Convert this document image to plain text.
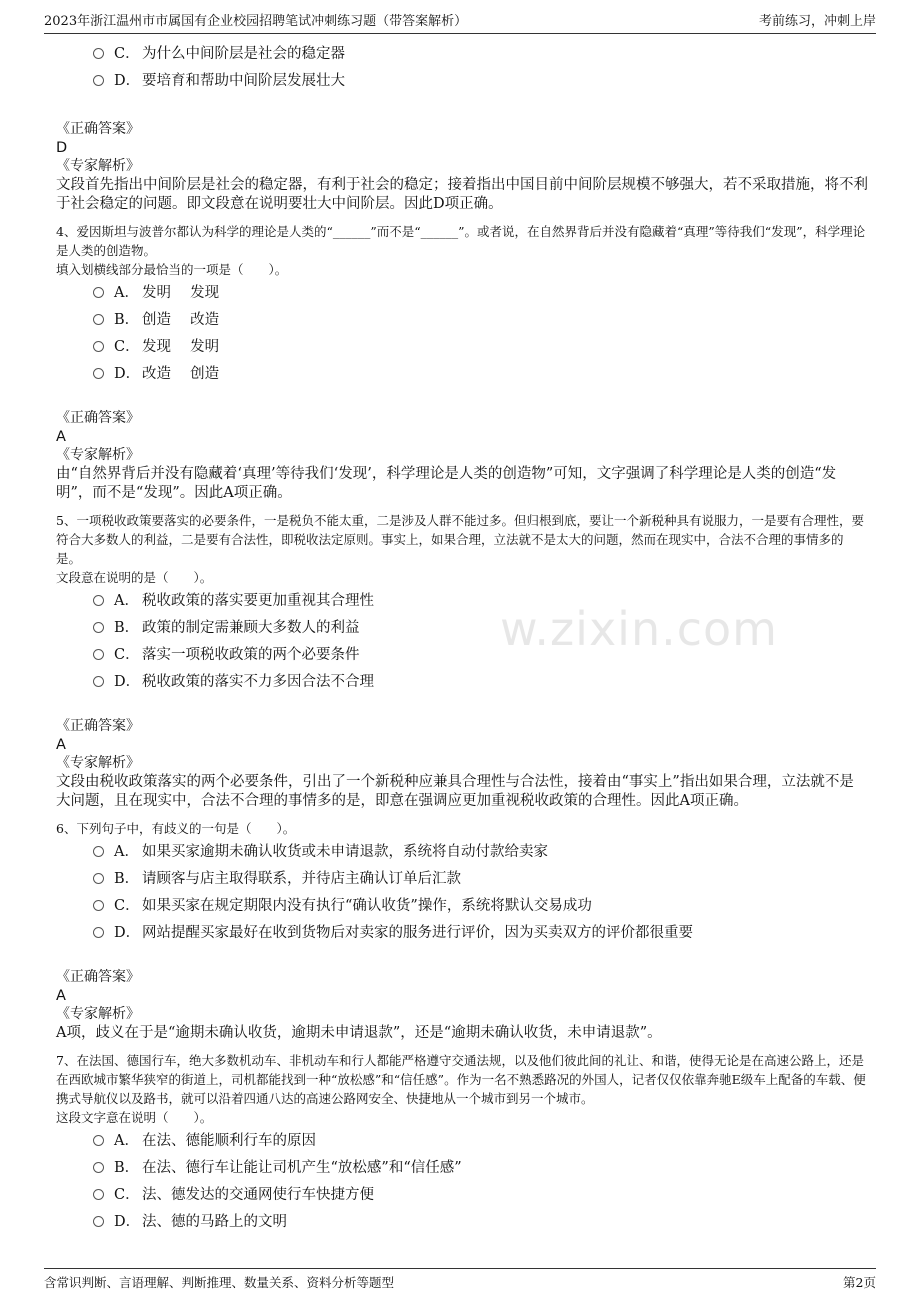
2023年浙江温州市市属国有企业校园招聘笔试冲刺练习题（带答案解析）	考前练习，冲刺上岸
w.zixin.com
C． 为什么中间阶层是社会的稳定器
D． 要培育和帮助中间阶层发展壮大
《正确答案》
D
《专家解析》
文段首先指出中间阶层是社会的稳定器，有利于社会的稳定；接着指出中国目前中间阶层规模不够强大，若不采取措施，将不利于社会稳定的问题。即文段意在说明要壮大中间阶层。因此D项正确。
4、爱因斯坦与波普尔都认为科学的理论是人类的“______”而不是“______”。或者说，在自然界背后并没有隐藏着“真理”等待我们“发现”，科学理论是人类的创造物。
填入划横线部分最恰当的一项是（　　）。
A． 发明　 发现
B． 创造　 改造
C． 发现　 发明
D． 改造　 创造
《正确答案》
A
《专家解析》
由“自然界背后并没有隐藏着‘真理’等待我们‘发现’，科学理论是人类的创造物”可知，文字强调了科学理论是人类的创造“发明”，而不是“发现”。因此A项正确。
5、一项税收政策要落实的必要条件，一是税负不能太重，二是涉及人群不能过多。但归根到底，要让一个新税种具有说服力，一是要有合理性，要符合大多数人的利益，二是要有合法性，即税收法定原则。事实上，如果合理，立法就不是太大的问题，然而在现实中，合法不合理的事情多的是。
文段意在说明的是（　　）。
A． 税收政策的落实要更加重视其合理性
B． 政策的制定需兼顾大多数人的利益
C． 落实一项税收政策的两个必要条件
D． 税收政策的落实不力多因合法不合理
《正确答案》
A
《专家解析》
文段由税收政策落实的两个必要条件，引出了一个新税种应兼具合理性与合法性，接着由“事实上”指出如果合理，立法就不是大问题，且在现实中，合法不合理的事情多的是，即意在强调应更加重视税收政策的合理性。因此A项正确。
6、下列句子中，有歧义的一句是（　　）。
A． 如果买家逾期未确认收货或未申请退款，系统将自动付款给卖家
B． 请顾客与店主取得联系，并待店主确认订单后汇款
C． 如果买家在规定期限内没有执行“确认收货”操作，系统将默认交易成功
D． 网站提醒买家最好在收到货物后对卖家的服务进行评价，因为买卖双方的评价都很重要
《正确答案》
A
《专家解析》
A项，歧义在于是“逾期未确认收货，逾期未申请退款”，还是“逾期未确认收货，未申请退款”。
7、在法国、德国行车，绝大多数机动车、非机动车和行人都能严格遵守交通法规，以及他们彼此间的礼让、和谐，使得无论是在高速公路上，还是在西欧城市繁华狭窄的街道上，司机都能找到一种“放松感”和“信任感”。作为一名不熟悉路况的外国人，记者仅仅依靠奔驰E级车上配备的车载、便携式导航仪以及路书，就可以沿着四通八达的高速公路网安全、快捷地从一个城市到另一个城市。
这段文字意在说明（　　）。
A． 在法、德能顺利行车的原因
B． 在法、德行车让能让司机产生“放松感”和“信任感”
C． 法、德发达的交通网使行车快捷方便
D． 法、德的马路上的文明
含常识判断、言语理解、判断推理、数量关系、资料分析等题型	第2页
